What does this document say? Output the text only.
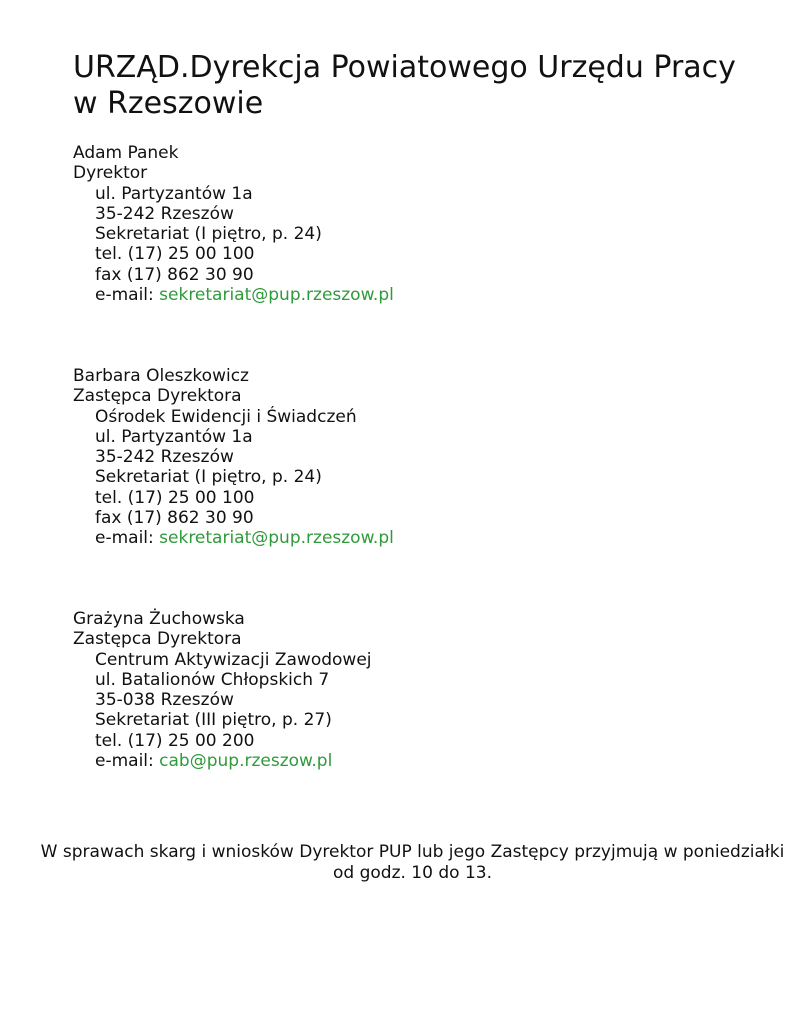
URZĄD.Dyrekcja Powiatowego Urzędu Pracy w Rzeszowie
Adam Panek
Dyrektor
ul. Partyzantów 1a
35-242 Rzeszów
Sekretariat (I piętro, p. 24)
tel. (17) 25 00 100
fax (17) 862 30 90
e-mail: sekretariat@pup.rzeszow.pl
Barbara Oleszkowicz
Zastępca Dyrektora
Ośrodek Ewidencji i Świadczeń
ul. Partyzantów 1a
35-242 Rzeszów
Sekretariat (I piętro, p. 24)
tel. (17) 25 00 100
fax (17) 862 30 90
e-mail: sekretariat@pup.rzeszow.pl
Grażyna Żuchowska
Zastępca Dyrektora
Centrum Aktywizacji Zawodowej
ul. Batalionów Chłopskich 7
35-038 Rzeszów
Sekretariat (III piętro, p. 27)
tel. (17) 25 00 200
e-mail: cab@pup.rzeszow.pl

W sprawach skarg i wniosków Dyrektor PUP lub jego Zastępcy przyjmują w poniedziałki od godz. 10 do 13.
